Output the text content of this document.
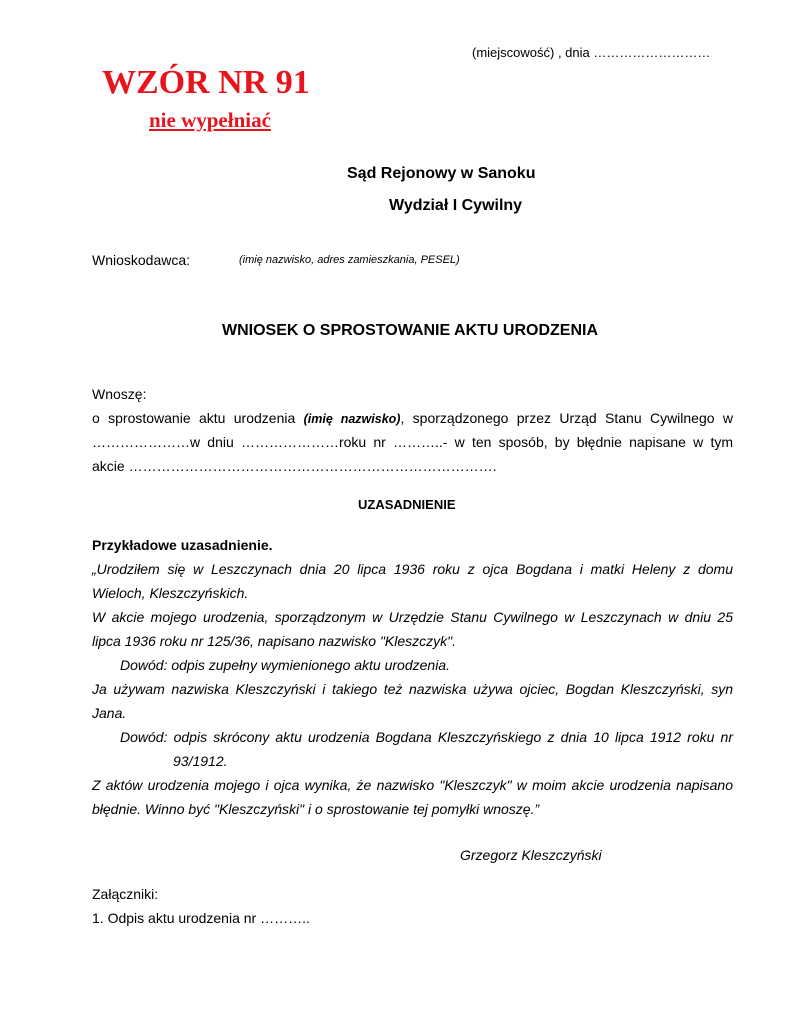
(miejscowość) , dnia ………………………
WZÓR NR 91
nie wypełniać
Sąd Rejonowy w Sanoku
Wydział I Cywilny
Wnioskodawca:	(imię nazwisko, adres zamieszkania, PESEL)
WNIOSEK O SPROSTOWANIE AKTU URODZENIA
Wnoszę:
o sprostowanie aktu urodzenia (imię nazwisko), sporządzonego przez Urząd Stanu Cywilnego w
…………………w dniu …………………roku nr ………..- w ten sposób, by błędnie napisane w tym
akcie …………………………………………………………………….
UZASADNIENIE
Przykładowe uzasadnienie.
„Urodziłem się w Leszczynach dnia 20 lipca 1936 roku z ojca Bogdana i matki Heleny z domu
Wieloch, Kleszczyńskich.
W akcie mojego urodzenia, sporządzonym w Urzędzie Stanu Cywilnego w Leszczynach w dniu 25
lipca 1936 roku nr 125/36, napisano nazwisko "Kleszczyk".
Dowód: odpis zupełny wymienionego aktu urodzenia.
Ja używam nazwiska Kleszczyński i takiego też nazwiska używa ojciec, Bogdan Kleszczyński, syn
Jana.
Dowód: odpis skrócony aktu urodzenia Bogdana Kleszczyńskiego z dnia 10 lipca 1912 roku nr
93/1912.
Z aktów urodzenia mojego i ojca wynika, że nazwisko "Kleszczyk" w moim akcie urodzenia napisano
błędnie. Winno być "Kleszczyński" i o sprostowanie tej pomyłki wnoszę.”
Grzegorz Kleszczyński
Załączniki:
1. Odpis aktu urodzenia nr ………..
